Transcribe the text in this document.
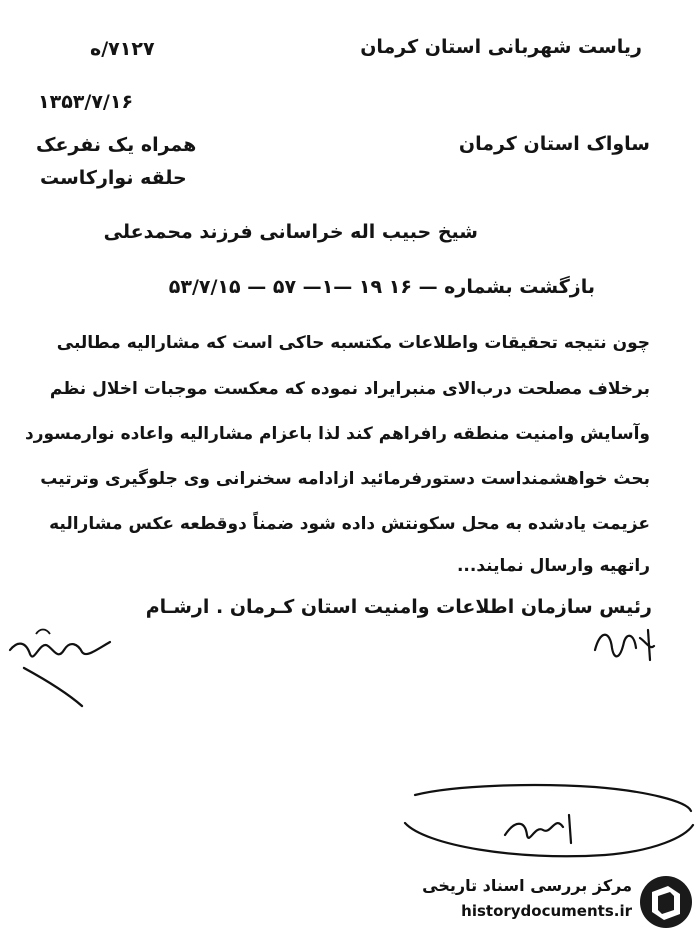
ریاست شهربانی استان کرمان
۷۱۲۷/ه
۱۳۵۳/۷/۱۶
همراه یک نفرعک
حلقه نوارکاست
ساواک استان کرمان
شیخ حبیب اله خراسانی فرزند محمدعلی
بازگشت بشماره — ۱۶ ۱۹ —۱— ۵۷ — ۵۳/۷/۱۵
چون نتیجه تحقیقات واطلاعات مکتسبه حاکی است که مشارالیه مطالبی
برخلاف مصلحت درب‌الای منبرایراد نموده که معکست موجبات اخلال نظم
وآسایش وامنیت منطقه رافراهم کند لذا باعزام مشارالیه واعاده نوارمسورد
بحث خواهشمنداست دستورفرمائید ازادامه سخنرانی وی جلوگیری وترتیب
عزیمت یادشده به محل سکونتش داده شود ضمناً دوقطعه عکس مشارالیه
راتهیه وارسال نمایند...
رئیس سازمان اطلاعات وامنیت استان کـرمان . ارشـام
مرکز بررسی اسناد تاریخی
historydocuments.ir
